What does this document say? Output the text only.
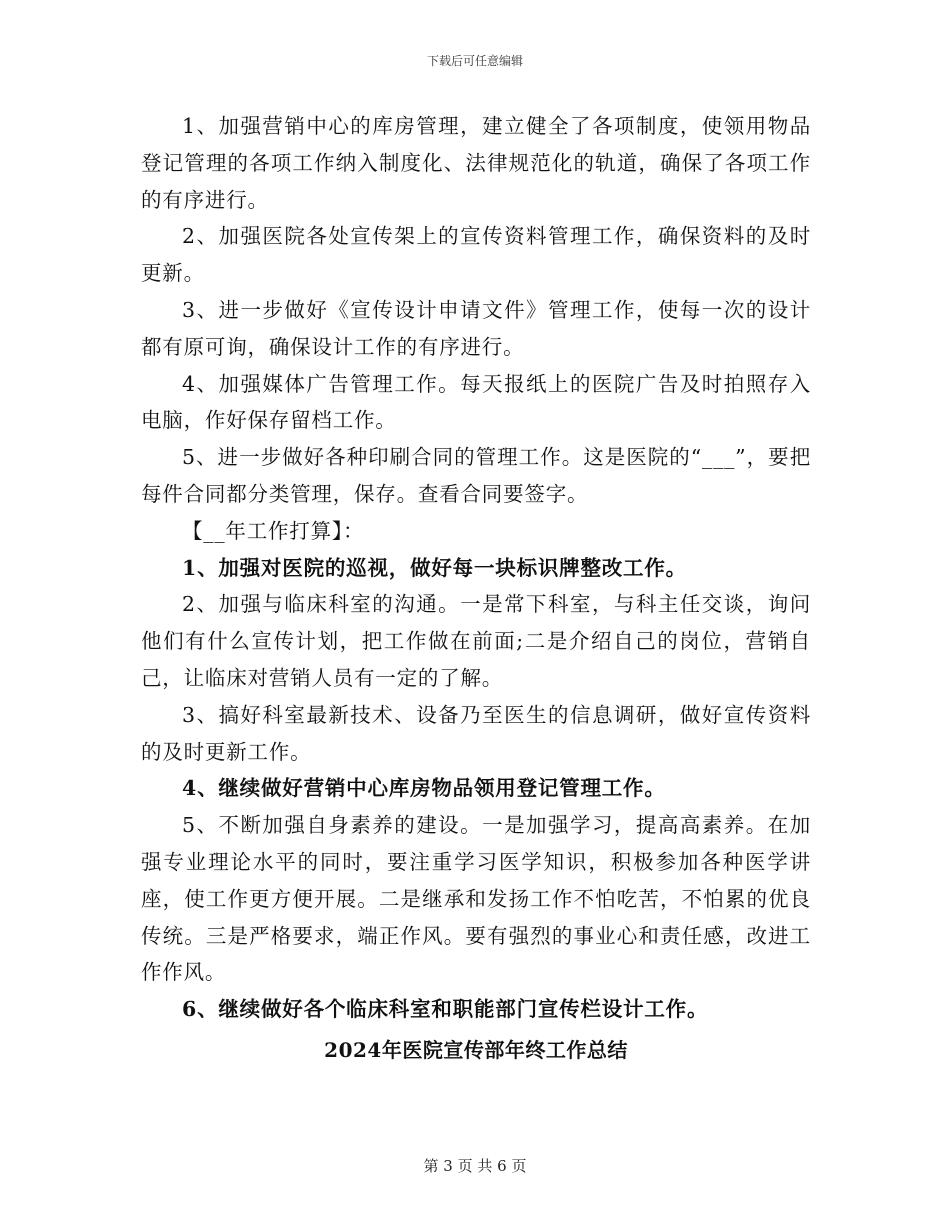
下载后可任意编辑

1、加强营销中心的库房管理，建立健全了各项制度，使领用物品登记管理的各项工作纳入制度化、法律规范化的轨道，确保了各项工作的有序进行。

2、加强医院各处宣传架上的宣传资料管理工作，确保资料的及时更新。

3、进一步做好《宣传设计申请文件》管理工作，使每一次的设计都有原可询，确保设计工作的有序进行。

4、加强媒体广告管理工作。每天报纸上的医院广告及时拍照存入电脑，作好保存留档工作。

5、进一步做好各种印刷合同的管理工作。这是医院的“___”，要把每件合同都分类管理，保存。查看合同要签字。

【__年工作打算】：

1、加强对医院的巡视，做好每一块标识牌整改工作。

2、加强与临床科室的沟通。一是常下科室，与科主任交谈，询问他们有什么宣传计划，把工作做在前面;二是介绍自己的岗位，营销自己，让临床对营销人员有一定的了解。

3、搞好科室最新技术、设备乃至医生的信息调研，做好宣传资料的及时更新工作。

4、继续做好营销中心库房物品领用登记管理工作。

5、不断加强自身素养的建设。一是加强学习，提高高素养。在加强专业理论水平的同时，要注重学习医学知识，积极参加各种医学讲座，使工作更方便开展。二是继承和发扬工作不怕吃苦，不怕累的优良传统。三是严格要求，端正作风。要有强烈的事业心和责任感，改进工作作风。

6、继续做好各个临床科室和职能部门宣传栏设计工作。

2024年医院宣传部年终工作总结

第 3 页 共 6 页
